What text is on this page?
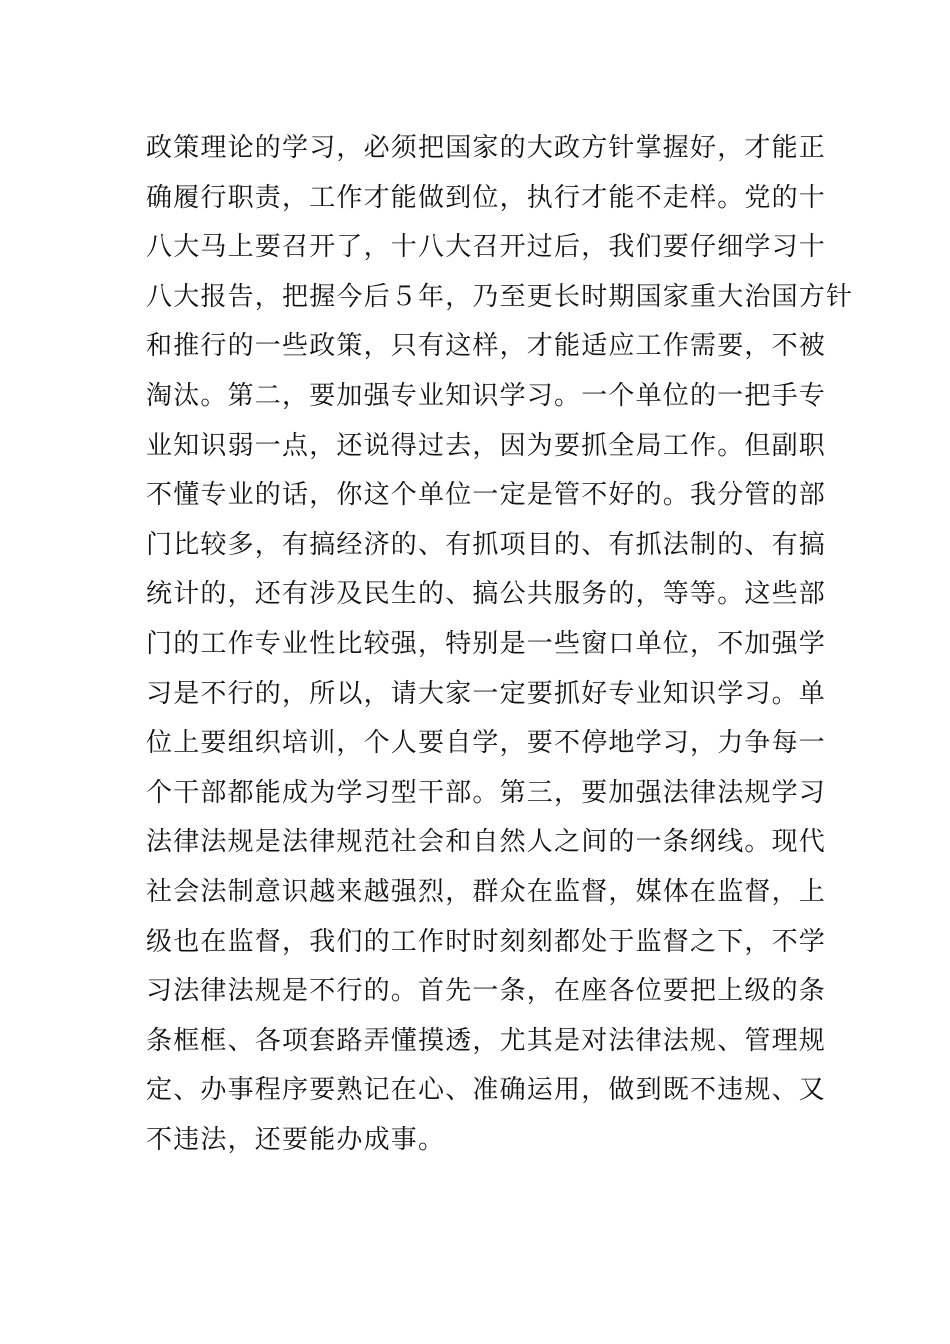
政策理论的学习，必须把国家的大政方针掌握好，才能正
确履行职责，工作才能做到位，执行才能不走样。党的十
八大马上要召开了，十八大召开过后，我们要仔细学习十
八大报告，把握今后５年，乃至更长时期国家重大治国方针
和推行的一些政策，只有这样，才能适应工作需要，不被
淘汰。第二，要加强专业知识学习。一个单位的一把手专
业知识弱一点，还说得过去，因为要抓全局工作。但副职
不懂专业的话，你这个单位一定是管不好的。我分管的部
门比较多，有搞经济的、有抓项目的、有抓法制的、有搞
统计的，还有涉及民生的、搞公共服务的，等等。这些部
门的工作专业性比较强，特别是一些窗口单位，不加强学
习是不行的，所以，请大家一定要抓好专业知识学习。单
位上要组织培训，个人要自学，要不停地学习，力争每一
个干部都能成为学习型干部。第三，要加强法律法规学习
法律法规是法律规范社会和自然人之间的一条纲线。现代
社会法制意识越来越强烈，群众在监督，媒体在监督，上
级也在监督，我们的工作时时刻刻都处于监督之下，不学
习法律法规是不行的。首先一条，在座各位要把上级的条
条框框、各项套路弄懂摸透，尤其是对法律法规、管理规
定、办事程序要熟记在心、准确运用，做到既不违规、又
不违法，还要能办成事。
